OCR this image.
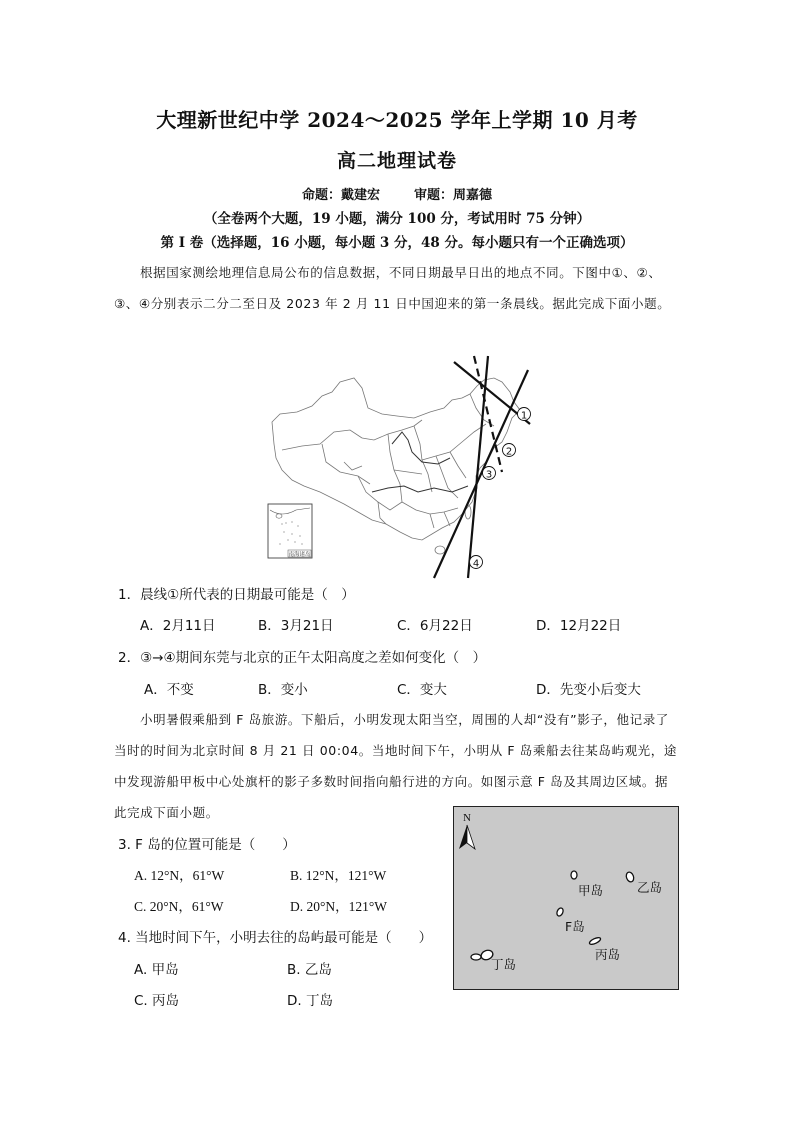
大理新世纪中学 2024～2025 学年上学期 10 月考
高二地理试卷
命题：戴建宏	审题：周嘉德
（全卷两个大题，19 小题，满分 100 分，考试用时 75 分钟）
第 I 卷（选择题，16 小题，每小题 3 分，48 分。每小题只有一个正确选项）
根据国家测绘地理信息局公布的信息数据，不同日期最早日出的地点不同。下图中①、②、③、④分别表示二分二至日及 2023 年 2 月 11 日中国迎来的第一条晨线。据此完成下面小题。
南海诸岛
1
2
3
4
1．晨线①所代表的日期最可能是（　）
A．2月11日	B．3月21日	C．6月22日	D．12月22日
2．③→④期间东莞与北京的正午太阳高度之差如何变化（　）
A．不变	B．变小	C．变大	D．先变小后变大
小明暑假乘船到 F 岛旅游。下船后，小明发现太阳当空，周围的人却“没有”影子，他记录了当时的时间为北京时间 8 月 21 日 00:04。当地时间下午，小明从 F 岛乘船去往某岛屿观光，途中发现游船甲板中心处旗杆的影子多数时间指向船行进的方向。如图示意 F 岛及其周边区域。据此完成下面小题。
3. F 岛的位置可能是（　　）
A. 12°N，61°W	B. 12°N，121°W
C. 20°N，61°W	D. 20°N，121°W
4. 当地时间下午，小明去往的岛屿最可能是（　　）
A. 甲岛	B. 乙岛
C. 丙岛	D. 丁岛
N
甲岛	乙岛
F岛
丙岛
丁岛
